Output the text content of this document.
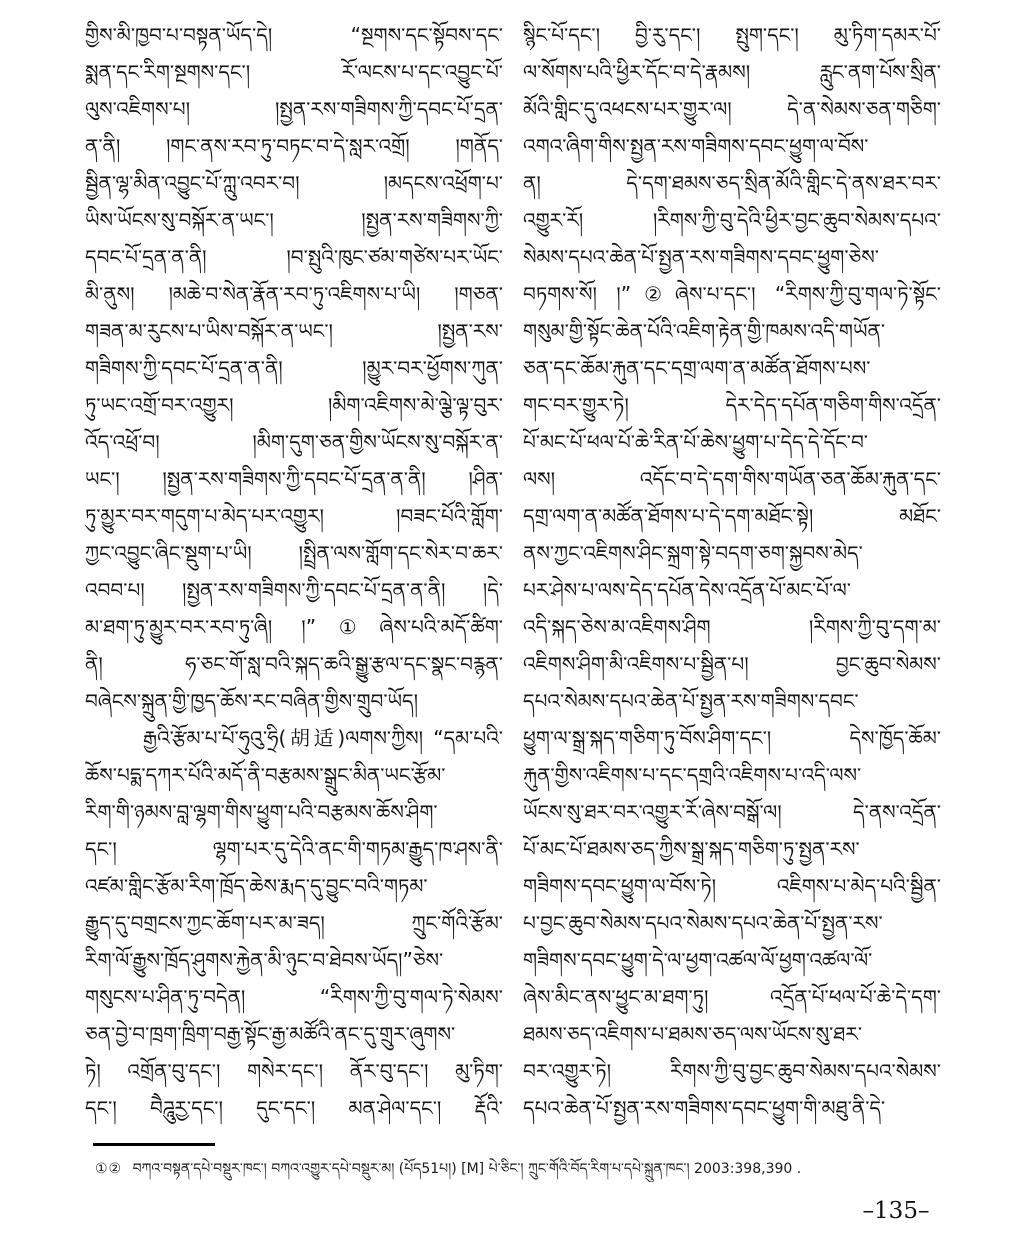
གྱིས་མི་ཁྱབ་པ་བསྟན་ཡོད་དེ། “སྔགས་དང་སྟོབས་དང་
སྨན་དང་རིག་སྔགས་དང་། རོ་ལངས་པ་དང་འབྱུང་པོ་
ལུས་འཇིགས་པ། །སྤྱན་རས་གཟིགས་ཀྱི་དབང་པོ་དྲན་
ན་ནི། །གང་ནས་རབ་ཏུ་བཏང་བ་དེ་སླར་འགྲོ། །གནོད་
སྦྱིན་ལྷ་མིན་འབྱུང་པོ་ཀླུ་འབར་བ། །མདངས་འཕྲོག་པ་
ཡིས་ཡོངས་སུ་བསྐོར་ན་ཡང་། །སྤྱན་རས་གཟིགས་ཀྱི་
དབང་པོ་དྲན་ན་ནི། །བ་སྤུའི་ཁུང་ཙམ་གཙེས་པར་ཡོང་
མི་ནུས། །མཆེ་བ་སེན་རྣོན་རབ་ཏུ་འཇིགས་པ་ཡི། །གཅན་
གཟན་མ་རུངས་པ་ཡིས་བསྐོར་ན་ཡང་། །སྤྱན་རས་
གཟིགས་ཀྱི་དབང་པོ་དྲན་ན་ནི། །མྱུར་བར་ཕྱོགས་ཀུན་
ཏུ་ཡང་འགྲོ་བར་འགྱུར། །མིག་འཇིགས་མེ་ལྕེ་ལྟ་བུར་
འོད་འཕྲོ་བ། །མིག་དུག་ཅན་གྱིས་ཡོངས་སུ་བསྐོར་ན་
ཡང་། །སྤྱན་རས་གཟིགས་ཀྱི་དབང་པོ་དྲན་ན་ནི། །ཤིན་
ཏུ་མྱུར་བར་གདུག་པ་མེད་པར་འགྱུར། །བཟང་པོའི་གློག་
ཀྱང་འབྱུང་ཞིང་སྡུག་པ་ཡི། །སྤྲིན་ལས་གློག་དང་སེར་བ་ཆར་
འབབ་པ། །སྤྱན་རས་གཟིགས་ཀྱི་དབང་པོ་དྲན་ན་ནི། །དེ་
མ་ཐག་ཏུ་མྱུར་བར་རབ་ཏུ་ཞི། །”①ཞེས་པའི་མདོ་ཚིག་
ནི། ཧ་ཅང་གོ་སླ་བའི་སྐད་ཆའི་སྒྱུ་རྩལ་དང་སྣང་བརྙན་
བཞེངས་སྐྲུན་གྱི་ཁྱད་ཆོས་རང་བཞིན་གྱིས་གྲུབ་ཡོད།
རྒྱའི་རྩོམ་པ་པོ་ཧུའུ་ཧྲི(胡适)ལགས་ཀྱིས། “དམ་པའི་
ཆོས་པདྨ་དཀར་པོའི་མདོ་ནི་བརྩམས་སྒྲུང་མིན་ཡང་རྩོམ་
རིག་གི་ཉམས་བླ་ལྷག་གིས་ཕྱུག་པའི་བརྩམས་ཆོས་ཤིག་
དང་། ལྷག་པར་དུ་དེའི་ནང་གི་གཏམ་རྒྱུད་ཁ་ཤས་ནི་
འཛམ་གླིང་རྩོམ་རིག་ཁྲོད་ཆེས་རྨད་དུ་བྱུང་བའི་གཏམ་
རྒྱུད་དུ་བགྲངས་ཀྱང་ཆོག་པར་མ་ཟད། ཀྲུང་གོའི་རྩོམ་
རིག་ལོ་རྒྱུས་ཁྲོད་ཤུགས་རྐྱེན་མི་ཉུང་བ་ཐེབས་ཡོད།”ཅེས་
གསུངས་པ་ཤིན་ཏུ་བདེན། “རིགས་ཀྱི་བུ་གལ་ཏེ་སེམས་
ཅན་བྱེ་བ་ཁྲག་ཁྲིག་བརྒྱ་སྟོང་རྒྱ་མཚོའི་ནང་དུ་གྲུར་ཞུགས་
ཏེ། འགྲོན་བུ་དང་། གསེར་དང་། ནོར་བུ་དང་། མུ་ཏིག་
དང་། བཻཌཱུརྱ་དང་། དུང་དང་། མན་ཤེལ་དང་། རྡོའི་
སྙིང་པོ་དང་། བྱི་རུ་དང་། སྤུག་དང་། མུ་ཏིག་དམར་པོ་
ལ་སོགས་པའི་ཕྱིར་དོང་བ་དེ་རྣམས། རླུང་ནག་པོས་སྲིན་
མོའི་གླིང་དུ་འཕངས་པར་གྱུར་ལ། དེ་ན་སེམས་ཅན་གཅིག་
འགའ་ཞིག་གིས་སྤྱན་རས་གཟིགས་དབང་ཕྱུག་ལ་བོས་
ན། དེ་དག་ཐམས་ཅད་སྲིན་མོའི་གླིང་དེ་ནས་ཐར་བར་
འགྱུར་རོ། །རིགས་ཀྱི་བུ་དེའི་ཕྱིར་བྱང་ཆུབ་སེམས་དཔའ་
སེམས་དཔའ་ཆེན་པོ་སྤྱན་རས་གཟིགས་དབང་ཕྱུག་ཅེས་
བཏགས་སོ། །”②ཞེས་པ་དང་། “རིགས་ཀྱི་བུ་གལ་ཏེ་སྟོང་
གསུམ་གྱི་སྟོང་ཆེན་པོའི་འཇིག་རྟེན་གྱི་ཁམས་འདི་གཡོན་
ཅན་དང་ཆོམ་རྐུན་དང་དགྲ་ལག་ན་མཚོན་ཐོགས་པས་
གང་བར་གྱུར་ཏེ། དེར་དེད་དཔོན་གཅིག་གིས་འདྲོན་
པོ་མང་པོ་ཕལ་པོ་ཆེ་རིན་པོ་ཆེས་ཕྱུག་པ་དེད་དེ་དོང་བ་
ལས། འདོང་བ་དེ་དག་གིས་གཡོན་ཅན་ཆོམ་རྐུན་དང་
དགྲ་ལག་ན་མཚོན་ཐོགས་པ་དེ་དག་མཐོང་སྟེ། མཐོང་
ནས་ཀྱང་འཇིགས་ཤིང་སྐྲག་སྟེ་བདག་ཅག་སྐྱབས་མེད་
པར་ཤེས་པ་ལས་དེད་དཔོན་དེས་འདྲོན་པོ་མང་པོ་ལ་
འདི་སྐད་ཅེས་མ་འཇིགས་ཤིག །རིགས་ཀྱི་བུ་དག་མ་
འཇིགས་ཤིག་མི་འཇིགས་པ་སྦྱིན་པ། བྱང་ཆུབ་སེམས་
དཔའ་སེམས་དཔའ་ཆེན་པོ་སྤྱན་རས་གཟིགས་དབང་
ཕྱུག་ལ་སྒྲ་སྐད་གཅིག་ཏུ་བོས་ཤིག་དང་། དེས་ཁྱོད་ཆོམ་
རྐུན་གྱིས་འཇིགས་པ་དང་དགྲའི་འཇིགས་པ་འདི་ལས་
ཡོངས་སུ་ཐར་བར་འགྱུར་རོ་ཞེས་བསྒོ་ལ། དེ་ནས་འདྲོན་
པོ་མང་པོ་ཐམས་ཅད་ཀྱིས་སྒྲ་སྐད་གཅིག་ཏུ་སྤྱན་རས་
གཟིགས་དབང་ཕྱུག་ལ་བོས་ཏེ། འཇིགས་པ་མེད་པའི་སྦྱིན་
པ་བྱང་ཆུབ་སེམས་དཔའ་སེམས་དཔའ་ཆེན་པོ་སྤྱན་རས་
གཟིགས་དབང་ཕྱུག་དེ་ལ་ཕྱག་འཚལ་ལོ་ཕྱག་འཚལ་ལོ་
ཞེས་མིང་ནས་ཕྱུང་མ་ཐག་ཏུ། འདྲོན་པོ་ཕལ་པོ་ཆེ་དེ་དག་
ཐམས་ཅད་འཇིགས་པ་ཐམས་ཅད་ལས་ཡོངས་སུ་ཐར་
བར་འགྱུར་ཏེ། རིགས་ཀྱི་བུ་བྱང་ཆུབ་སེམས་དཔའ་སེམས་
དཔའ་ཆེན་པོ་སྤྱན་རས་གཟིགས་དབང་ཕྱུག་གི་མཐུ་ནི་དེ་
①② བཀའ་བསྟན་དཔེ་བསྡུར་ཁང་། བཀའ་འགྱུར་དཔེ་བསྡུར་མ། (པོད51པ།) [M] པེ་ཅིང་། ཀྲུང་གོའི་བོད་རིག་པ་དཔེ་སྐྲུན་ཁང་། 2003:398,390 .
–135–
